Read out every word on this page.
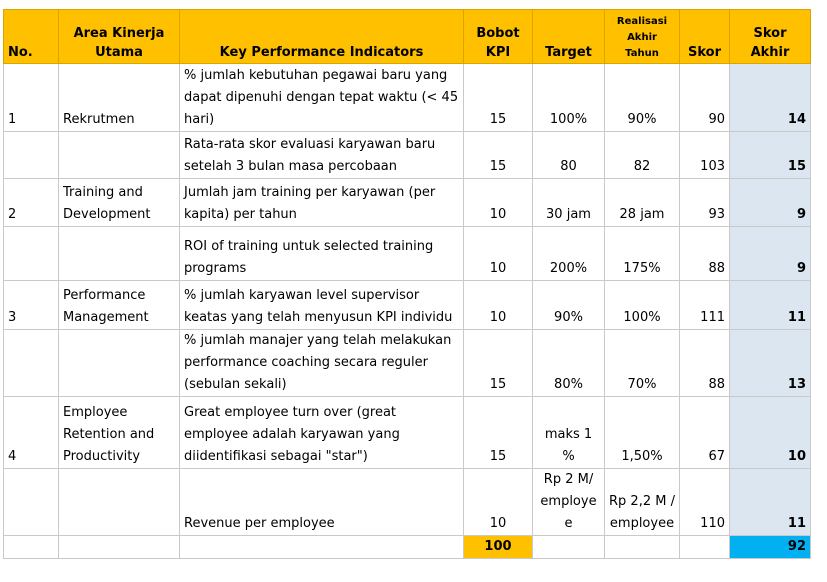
No.	Area Kinerja Utama	Key Performance Indicators	Bobot KPI	Target	Realisasi Akhir Tahun	Skor	Skor Akhir
1	Rekrutmen	% jumlah kebutuhan pegawai baru yang dapat dipenuhi dengan tepat waktu (< 45 hari)	15	100%	90%	90	14
		Rata-rata skor evaluasi karyawan baru setelah 3 bulan masa percobaan	15	80	82	103	15
2	Training and Development	Jumlah jam training per karyawan (per kapita) per tahun	10	30 jam	28 jam	93	9
		ROI of training untuk selected training programs	10	200%	175%	88	9
3	Performance Management	% jumlah karyawan level supervisor keatas yang telah menyusun KPI individu	10	90%	100%	111	11
		% jumlah manajer yang telah melakukan performance coaching secara reguler (sebulan sekali)	15	80%	70%	88	13
4	Employee Retention and Productivity	Great employee turn over (great employee adalah karyawan yang diidentifikasi sebagai "star")	15	maks 1 %	1,50%	67	10
		Revenue per employee	10	Rp 2 M/ employee	Rp 2,2 M / employee	110	11
			100				92
